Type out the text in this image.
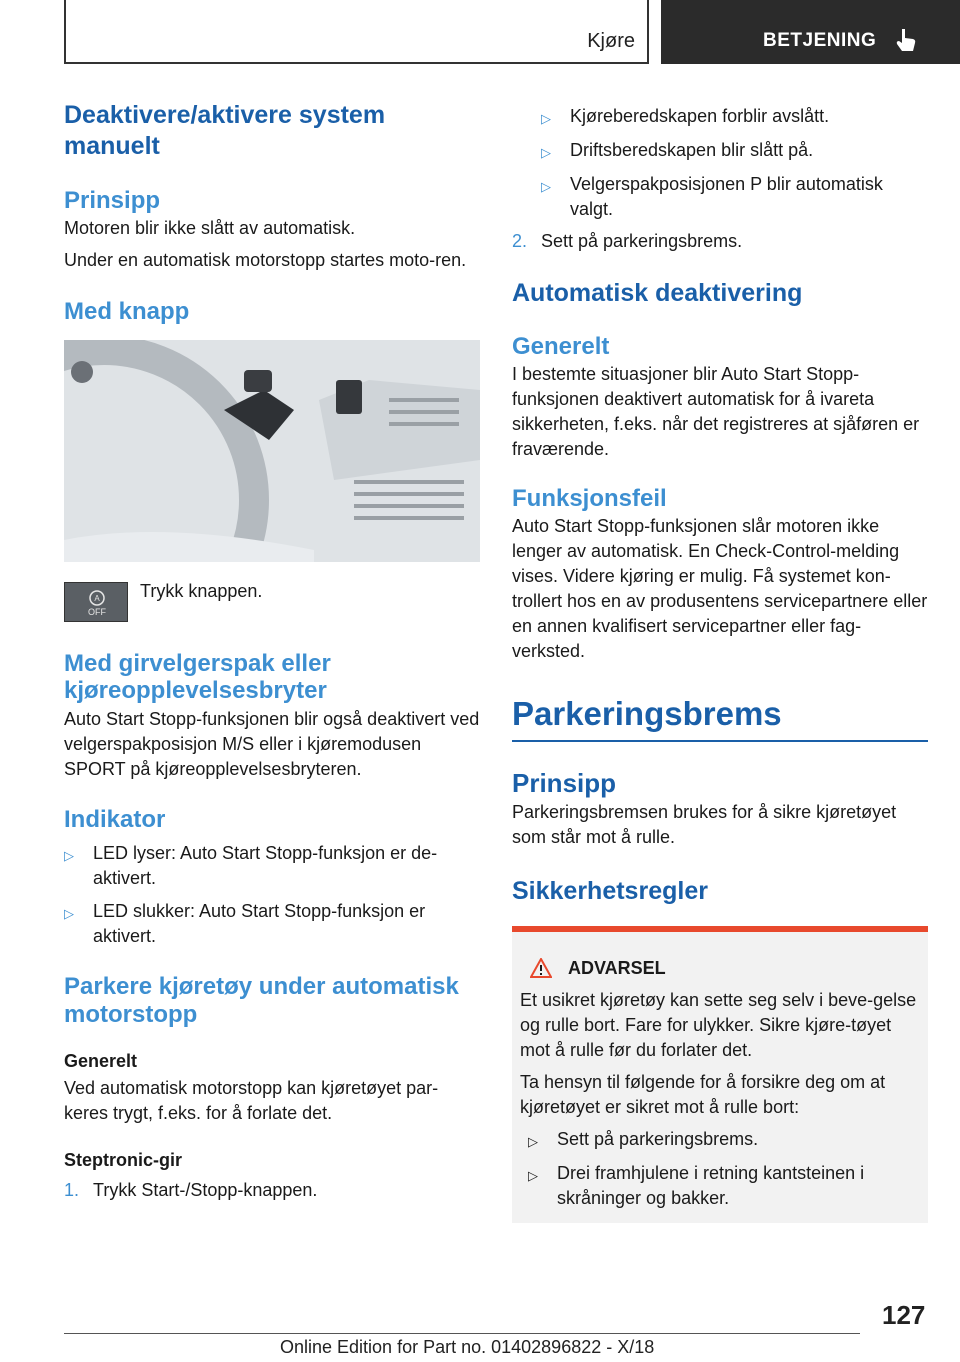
Kjøre	BETJENING
Deaktivere/aktivere system manuelt
Prinsipp
Motoren blir ikke slått av automatisk.
Under en automatisk motorstopp startes moto-ren.
Med knapp
A
OFF
Trykk knappen.
Med girvelgerspak eller kjøreopplevelsesbryter
Auto Start Stopp-funksjonen blir også deaktivert ved velgerspakposisjon M/S eller i kjøremodusen SPORT på kjøreopplevelsesbryteren.
Indikator
▷	LED lyser: Auto Start Stopp-funksjon er de-aktivert.
▷	LED slukker: Auto Start Stopp-funksjon er aktivert.
Parkere kjøretøy under automatisk motorstopp
Generelt
Ved automatisk motorstopp kan kjøretøyet par-keres trygt, f.eks. for å forlate det.
Steptronic-gir
1. Trykk Start-/Stopp-knappen.
▷	Kjøreberedskapen forblir avslått.
▷	Driftsberedskapen blir slått på.
▷	Velgerspakposisjonen P blir automatisk valgt.
2. Sett på parkeringsbrems.
Automatisk deaktivering
Generelt
I bestemte situasjoner blir Auto Start Stopp-funksjonen deaktivert automatisk for å ivareta sikkerheten, f.eks. når det registreres at sjåføren er fraværende.
Funksjonsfeil
Auto Start Stopp-funksjonen slår motoren ikke lenger av automatisk. En Check-Control-melding vises. Videre kjøring er mulig. Få systemet kon-trollert hos en av produsentens servicepartnere eller en annen kvalifisert servicepartner eller fag-verksted.
Parkeringsbrems
Prinsipp
Parkeringsbremsen brukes for å sikre kjøretøyet som står mot å rulle.
Sikkerhetsregler
ADVARSEL
Et usikret kjøretøy kan sette seg selv i beve-gelse og rulle bort. Fare for ulykker. Sikre kjøre-tøyet mot å rulle før du forlater det.
Ta hensyn til følgende for å forsikre deg om at kjøretøyet er sikret mot å rulle bort:
▷	Sett på parkeringsbrems.
▷	Drei framhjulene i retning kantsteinen i skråninger og bakker.
127
Online Edition for Part no. 01402896822 - X/18
